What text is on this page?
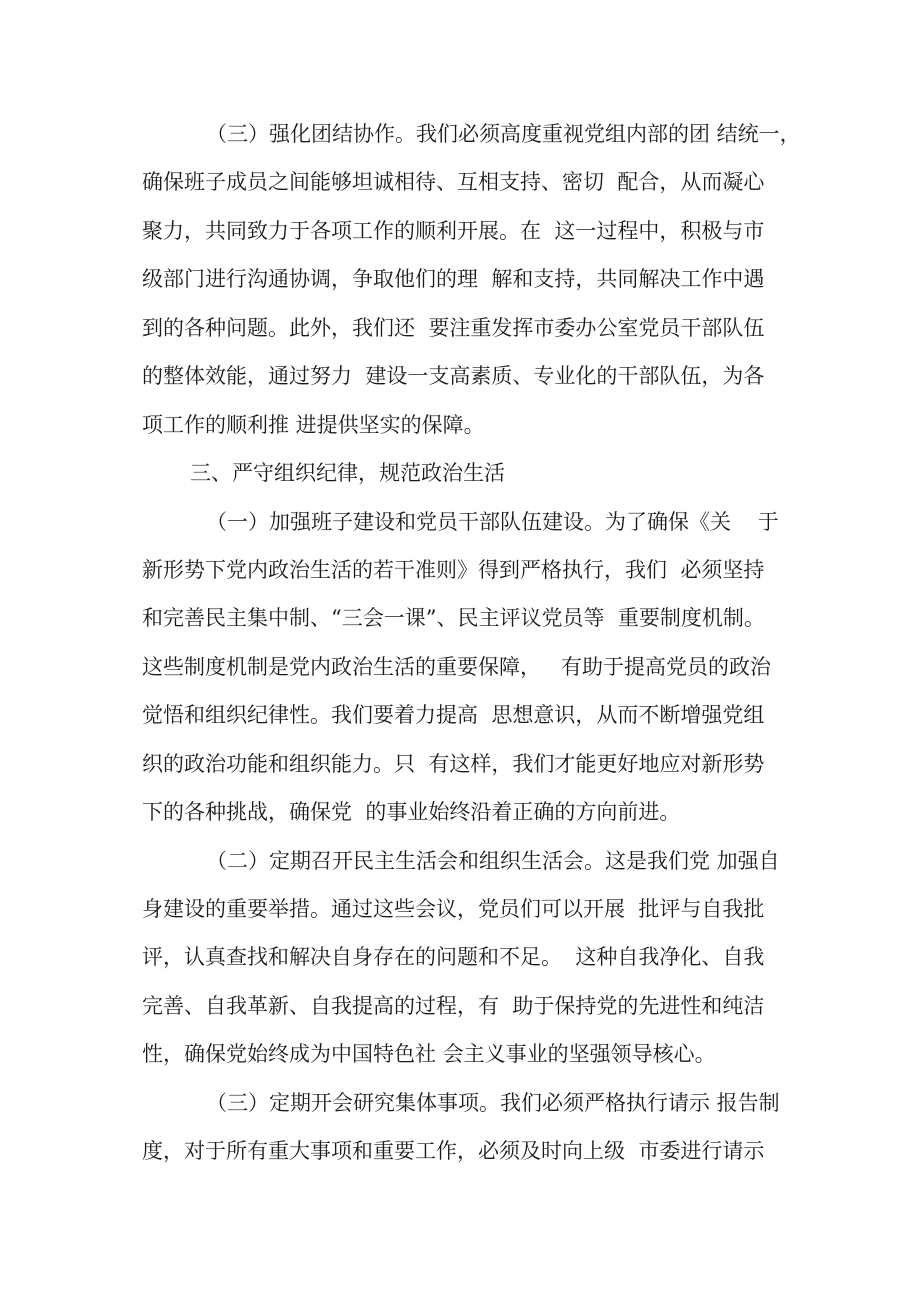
（三）强化团结协作。我们必须高度重视党组内部的团 结统一，
确保班子成员之间能够坦诚相待、互相支持、密切  配合，从而凝心
聚力，共同致力于各项工作的顺利开展。在  这一过程中，积极与市
级部门进行沟通协调，争取他们的理  解和支持，共同解决工作中遇
到的各种问题。此外，我们还  要注重发挥市委办公室党员干部队伍
的整体效能，通过努力  建设一支高素质、专业化的干部队伍，为各
项工作的顺利推 进提供坚实的保障。
三、严守组织纪律，规范政治生活
（一）加强班子建设和党员干部队伍建设。为了确保《关    于
新形势下党内政治生活的若干准则》得到严格执行，我们  必须坚持
和完善民主集中制、“三会一课”、民主评议党员等  重要制度机制。
这些制度机制是党内政治生活的重要保障，   有助于提高党员的政治
觉悟和组织纪律性。我们要着力提高  思想意识，从而不断增强党组
织的政治功能和组织能力。只  有这样，我们才能更好地应对新形势
下的各种挑战，确保党  的事业始终沿着正确的方向前进。
（二）定期召开民主生活会和组织生活会。这是我们党 加强自
身建设的重要举措。通过这些会议，党员们可以开展  批评与自我批
评，认真查找和解决自身存在的问题和不足。  这种自我净化、自我
完善、自我革新、自我提高的过程，有  助于保持党的先进性和纯洁
性，确保党始终成为中国特色社 会主义事业的坚强领导核心。
（三）定期开会研究集体事项。我们必须严格执行请示 报告制
度，对于所有重大事项和重要工作，必须及时向上级  市委进行请示
